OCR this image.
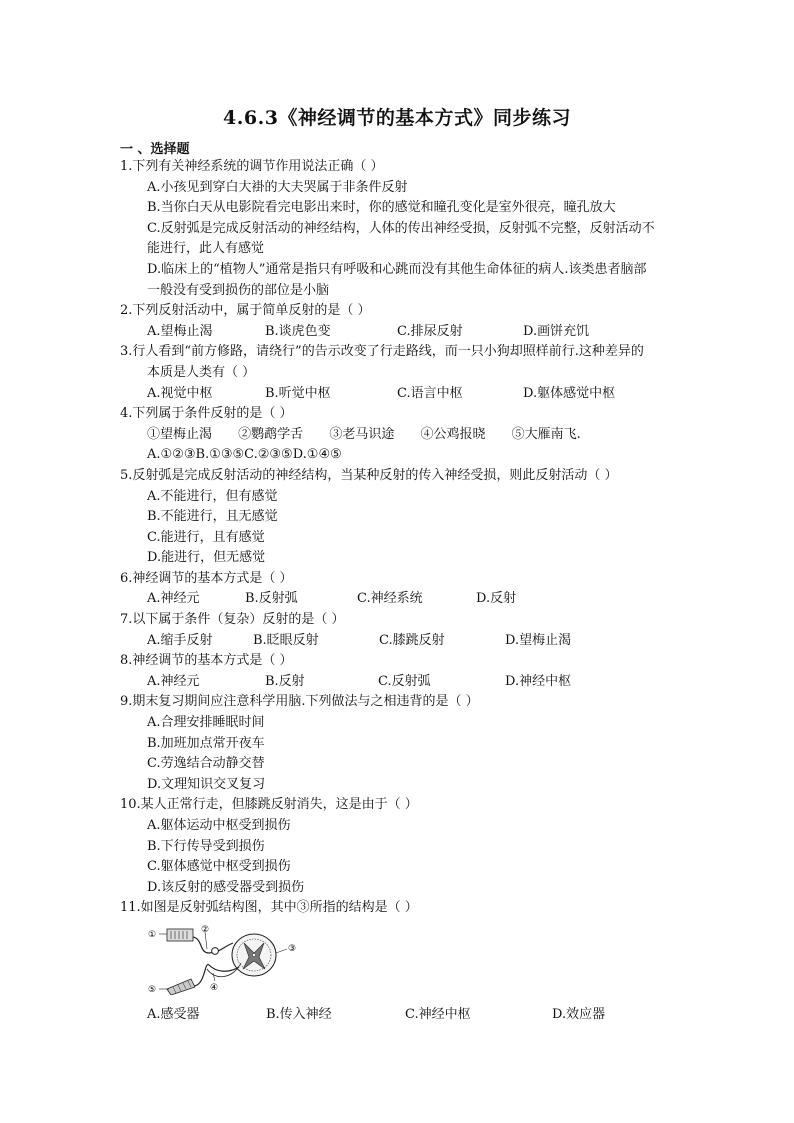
4.6.3《神经调节的基本方式》同步练习
一 、选择题
1.下列有关神经系统的调节作用说法正确（ ）
A.小孩见到穿白大褂的大夫哭属于非条件反射
B.当你白天从电影院看完电影出来时，你的感觉和瞳孔变化是室外很亮，瞳孔放大
C.反射弧是完成反射活动的神经结构，人体的传出神经受损，反射弧不完整，反射活动不
能进行，此人有感觉
D.临床上的“植物人”通常是指只有呼吸和心跳而没有其他生命体征的病人.该类患者脑部
一般没有受到损伤的部位是小脑
2.下列反射活动中，属于简单反射的是（ ）
A.望梅止渴	B.谈虎色变	C.排尿反射	D.画饼充饥
3.行人看到“前方修路，请绕行”的告示改变了行走路线，而一只小狗却照样前行.这种差异的
本质是人类有（ ）
A.视觉中枢	B.听觉中枢	C.语言中枢	D.躯体感觉中枢
4.下列属于条件反射的是（ ）
①望梅止渴 ②鹦鹉学舌 ③老马识途 ④公鸡报晓 ⑤大雁南飞.
A.①②③B.①③⑤C.②③⑤D.①④⑤
5.反射弧是完成反射活动的神经结构，当某种反射的传入神经受损，则此反射活动（ ）
A.不能进行，但有感觉
B.不能进行，且无感觉
C.能进行，且有感觉
D.能进行，但无感觉
6.神经调节的基本方式是（ ）
A.神经元	B.反射弧	C.神经系统	D.反射
7.以下属于条件（复杂）反射的是（ ）
A.缩手反射	B.眨眼反射	C.膝跳反射	D.望梅止渴
8.神经调节的基本方式是（ ）
A.神经元	B.反射	C.反射弧	D.神经中枢
9.期末复习期间应注意科学用脑.下列做法与之相违背的是（ ）
A.合理安排睡眠时间
B.加班加点常开夜车
C.劳逸结合动静交替
D.文理知识交叉复习
10.某人正常行走，但膝跳反射消失，这是由于（ ）
A.躯体运动中枢受到损伤
B.下行传导受到损伤
C.躯体感觉中枢受到损伤
D.该反射的感受器受到损伤
11.如图是反射弧结构图，其中③所指的结构是（ ）
①	②
③
④
⑤
A.感受器	B.传入神经	C.神经中枢	D.效应器
